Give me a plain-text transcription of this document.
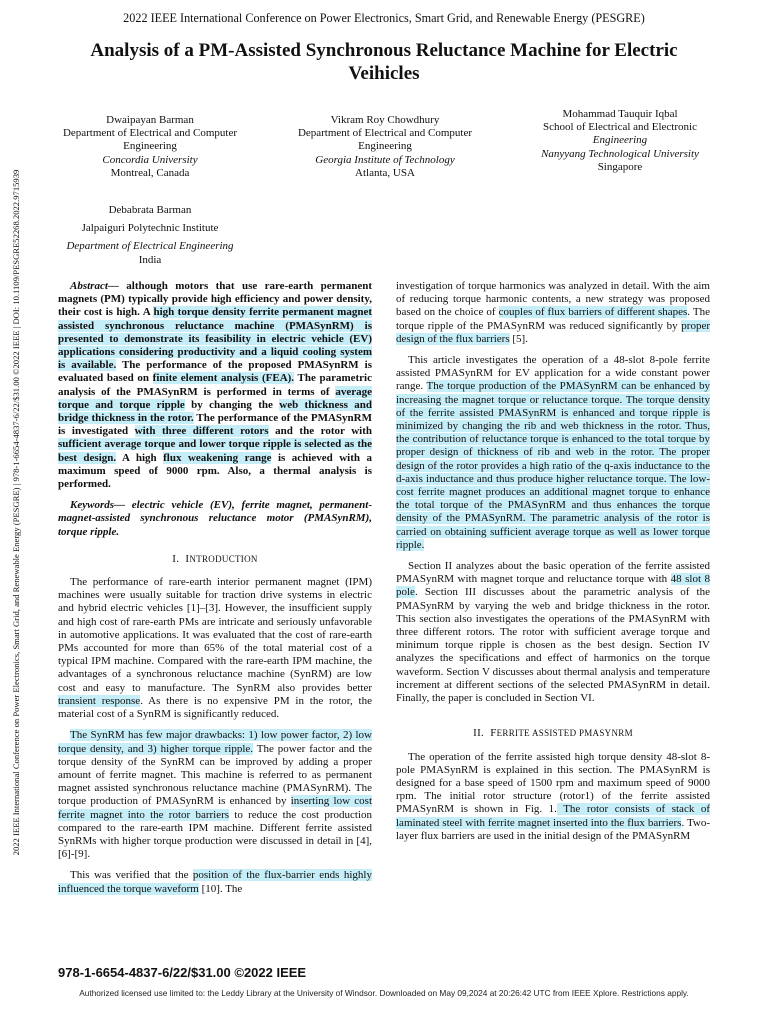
2022 IEEE International Conference on Power Electronics, Smart Grid, and Renewable Energy (PESGRE)
Analysis of a PM-Assisted Synchronous Reluctance Machine for Electric
Veihicles
2022 IEEE International Conference on Power Electronics, Smart Grid, and Renewable Energy (PESGRE) | 978-1-6654-4837-6/22/$31.00 ©2022 IEEE | DOI: 10.1109/PESGRE52268.2022.9715939
Dwaipayan Barman
Department of Electrical and Computer
Engineering
Concordia University
Montreal, Canada
Vikram Roy Chowdhury
Department of Electrical and Computer
Engineering
Georgia Institute of Technology
Atlanta, USA
Mohammad Tauquir Iqbal
School of Electrical and Electronic
Engineering
Nanyyang Technological University
Singapore
Debabrata Barman
Jalpaiguri Polytechnic Institute
Department of Electrical Engineering
India

Abstract— although motors that use rare-earth permanent magnets (PM) typically provide high efficiency and power density, their cost is high. A high torque density ferrite permanent magnet assisted synchronous reluctance machine (PMASynRM) is presented to demonstrate its feasibility in electric vehicle (EV) applications considering productivity and a liquid cooling system is available. The performance of the proposed PMASynRM is evaluated based on finite element analysis (FEA). The parametric analysis of the PMASynRM is performed in terms of average torque and torque ripple by changing the web thickness and bridge thickness in the rotor. The performance of the PMASynRM is investigated with three different rotors and the rotor with sufficient average torque and lower torque ripple is selected as the best design. A high flux weakening range is achieved with a maximum speed of 9000 rpm. Also, a thermal analysis is performed.

Keywords— electric vehicle (EV), ferrite magnet, permanent-magnet-assisted synchronous reluctance motor (PMASynRM), torque ripple.

I. INTRODUCTION

The performance of rare-earth interior permanent magnet (IPM) machines were usually suitable for traction drive systems in electric and hybrid electric vehicles [1]–[3]. However, the insufficient supply and high cost of rare-earth PMs are intricate and seriously unfavorable in automotive applications. It was evaluated that the cost of rare-earth PMs accounted for more than 65% of the total material cost of a typical IPM machine. Compared with the rare-earth IPM machine, the advantages of a synchronous reluctance machine (SynRM) are low cost and easy to manufacture. The SynRM also provides better transient response. As there is no expensive PM in the rotor, the material cost of a SynRM is significantly reduced.

The SynRM has few major drawbacks: 1) low power factor, 2) low torque density, and 3) higher torque ripple. The power factor and the torque density of the SynRM can be improved by adding a proper amount of ferrite magnet. This machine is referred to as permanent magnet assisted synchronous reluctance machine (PMASynRM). The torque production of PMASynRM is enhanced by inserting low cost ferrite magnet into the rotor barriers to reduce the cost production compared to the rare-earth IPM machine. Different ferrite assisted SynRMs with higher torque production were discussed in detail in [4], [6]-[9].

This was verified that the position of the flux-barrier ends highly influenced the torque waveform [10]. The

investigation of torque harmonics was analyzed in detail. With the aim of reducing torque harmonic contents, a new strategy was proposed based on the choice of couples of flux barriers of different shapes. The torque ripple of the PMASynRM was reduced significantly by proper design of the flux barriers [5].

This article investigates the operation of a 48-slot 8-pole ferrite assisted PMASynRM for EV application for a wide constant power range. The torque production of the PMASynRM can be enhanced by increasing the magnet torque or reluctance torque. The torque density of the ferrite assisted PMASynRM is enhanced and torque ripple is minimized by changing the rib and web thickness in the rotor. Thus, the contribution of reluctance torque is enhanced to the total torque by proper design of thickness of rib and web in the rotor. The proper design of the rotor provides a high ratio of the q-axis inductance to the d-axis inductance and thus produce higher reluctance torque. The low-cost ferrite magnet produces an additional magnet torque to enhance the total torque of the PMASynRM and thus enhances the torque density of the PMASynRM. The parametric analysis of the rotor is carried on obtaining sufficient average torque as well as lower torque ripple.

Section II analyzes about the basic operation of the ferrite assisted PMASynRM with magnet torque and reluctance torque with 48 slot 8 pole. Section III discusses about the parametric analysis of the PMASynRM by varying the web and bridge thickness in the rotor. This section also investigates the operations of the PMASynRM with three different rotors. The rotor with sufficient average torque and minimum torque ripple is chosen as the best design. Section IV analyzes the specifications and effect of harmonics on the torque waveform. Section V discusses about thermal analysis and temperature increment at different sections of the selected PMASynRM in detail. Finally, the paper is concluded in Section VI.

II. FERRITE ASSISTED PMASYNRM

The operation of the ferrite assisted high torque density 48-slot 8-pole PMASynRM is explained in this section. The PMASynRM is designed for a base speed of 1500 rpm and maximum speed of 9000 rpm. The initial rotor structure (rotor1) of the ferrite assisted PMASynRM is shown in Fig. 1. The rotor consists of stack of laminated steel with ferrite magnet inserted into the flux barriers. Two-layer flux barriers are used in the initial design of the PMASynRM

978-1-6654-4837-6/22/$31.00 ©2022 IEEE
Authorized licensed use limited to: the Leddy Library at the University of Windsor. Downloaded on May 09,2024 at 20:26:42 UTC from IEEE Xplore. Restrictions apply.
